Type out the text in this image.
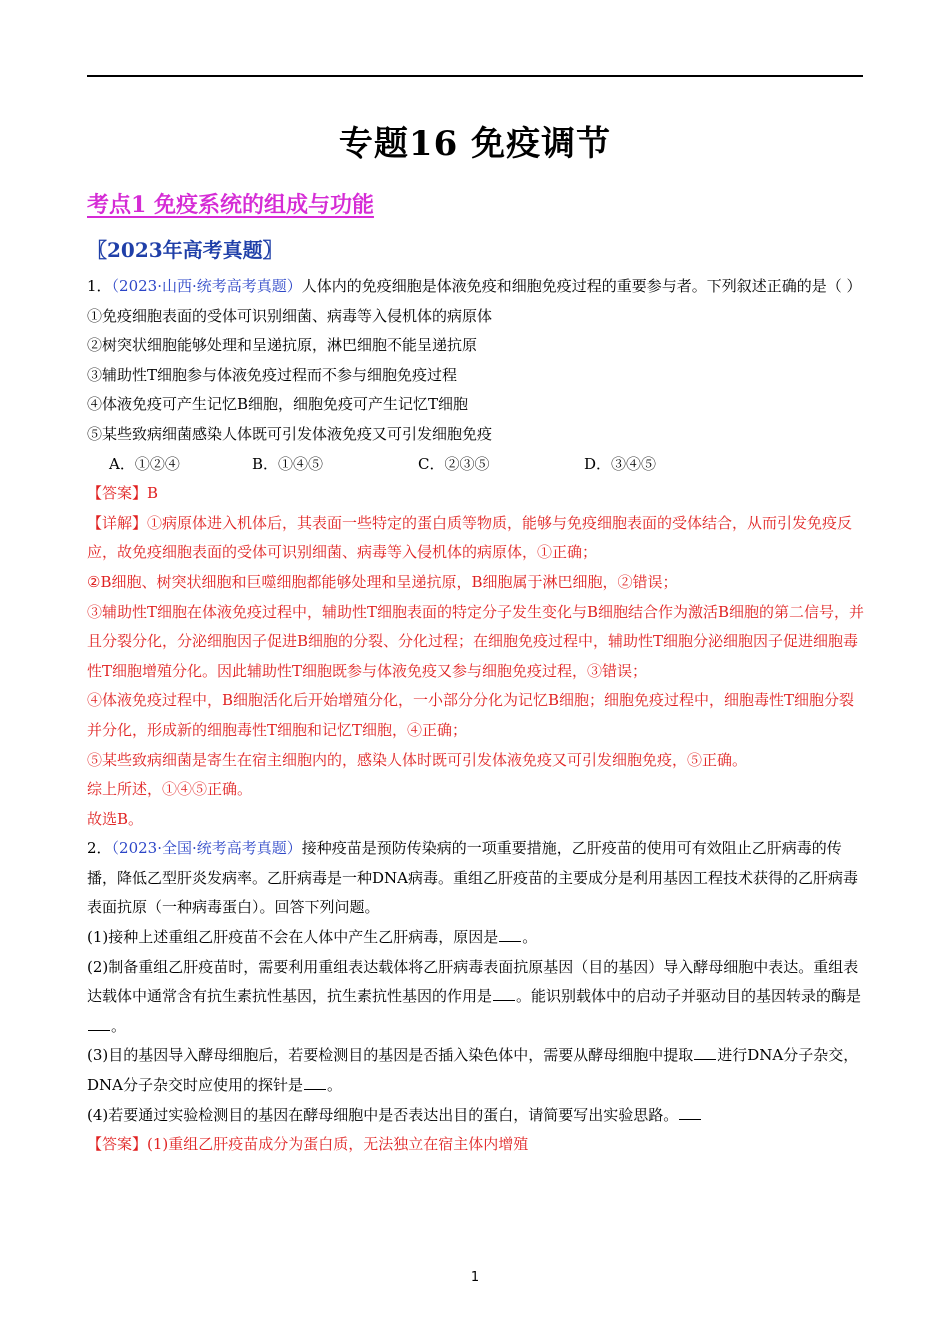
专题16 免疫调节
考点1 免疫系统的组成与功能
〖2023年高考真题〗

1．（2023·山西·统考高考真题）人体内的免疫细胞是体液免疫和细胞免疫过程的重要参与者。下列叙述正确的是（ ）

①免疫细胞表面的受体可识别细菌、病毒等入侵机体的病原体

②树突状细胞能够处理和呈递抗原，淋巴细胞不能呈递抗原

③辅助性T细胞参与体液免疫过程而不参与细胞免疫过程

④体液免疫可产生记忆B细胞，细胞免疫可产生记忆T细胞

⑤某些致病细菌感染人体既可引发体液免疫又可引发细胞免疫

A．①②④	B．①④⑤	C．②③⑤	D．③④⑤

【答案】B

【详解】①病原体进入机体后，其表面一些特定的蛋白质等物质，能够与免疫细胞表面的受体结合，从而引发免疫反应，故免疫细胞表面的受体可识别细菌、病毒等入侵机体的病原体，①正确；

②B细胞、树突状细胞和巨噬细胞都能够处理和呈递抗原，B细胞属于淋巴细胞，②错误；

③辅助性T细胞在体液免疫过程中，辅助性T细胞表面的特定分子发生变化与B细胞结合作为激活B细胞的第二信号，并且分裂分化，分泌细胞因子促进B细胞的分裂、分化过程；在细胞免疫过程中，辅助性T细胞分泌细胞因子促进细胞毒性T细胞增殖分化。因此辅助性T细胞既参与体液免疫又参与细胞免疫过程，③错误；

④体液免疫过程中，B细胞活化后开始增殖分化，一小部分分化为记忆B细胞；细胞免疫过程中，细胞毒性T细胞分裂并分化，形成新的细胞毒性T细胞和记忆T细胞，④正确；

⑤某些致病细菌是寄生在宿主细胞内的，感染人体时既可引发体液免疫又可引发细胞免疫，⑤正确。

综上所述，①④⑤正确。

故选B。

2．（2023·全国·统考高考真题）接种疫苗是预防传染病的一项重要措施，乙肝疫苗的使用可有效阻止乙肝病毒的传播，降低乙型肝炎发病率。乙肝病毒是一种DNA病毒。重组乙肝疫苗的主要成分是利用基因工程技术获得的乙肝病毒表面抗原（一种病毒蛋白）。回答下列问题。

(1)接种上述重组乙肝疫苗不会在人体中产生乙肝病毒，原因是 。

(2)制备重组乙肝疫苗时，需要利用重组表达载体将乙肝病毒表面抗原基因（目的基因）导入酵母细胞中表达。重组表达载体中通常含有抗生素抗性基因，抗生素抗性基因的作用是 。能识别载体中的启动子并驱动目的基因转录的酶是。

(3)目的基因导入酵母细胞后，若要检测目的基因是否插入染色体中，需要从酵母细胞中提取 进行DNA分子杂交，DNA分子杂交时应使用的探针是 。

(4)若要通过实验检测目的基因在酵母细胞中是否表达出目的蛋白，请简要写出实验思路。

【答案】(1)重组乙肝疫苗成分为蛋白质，无法独立在宿主体内增殖

1
